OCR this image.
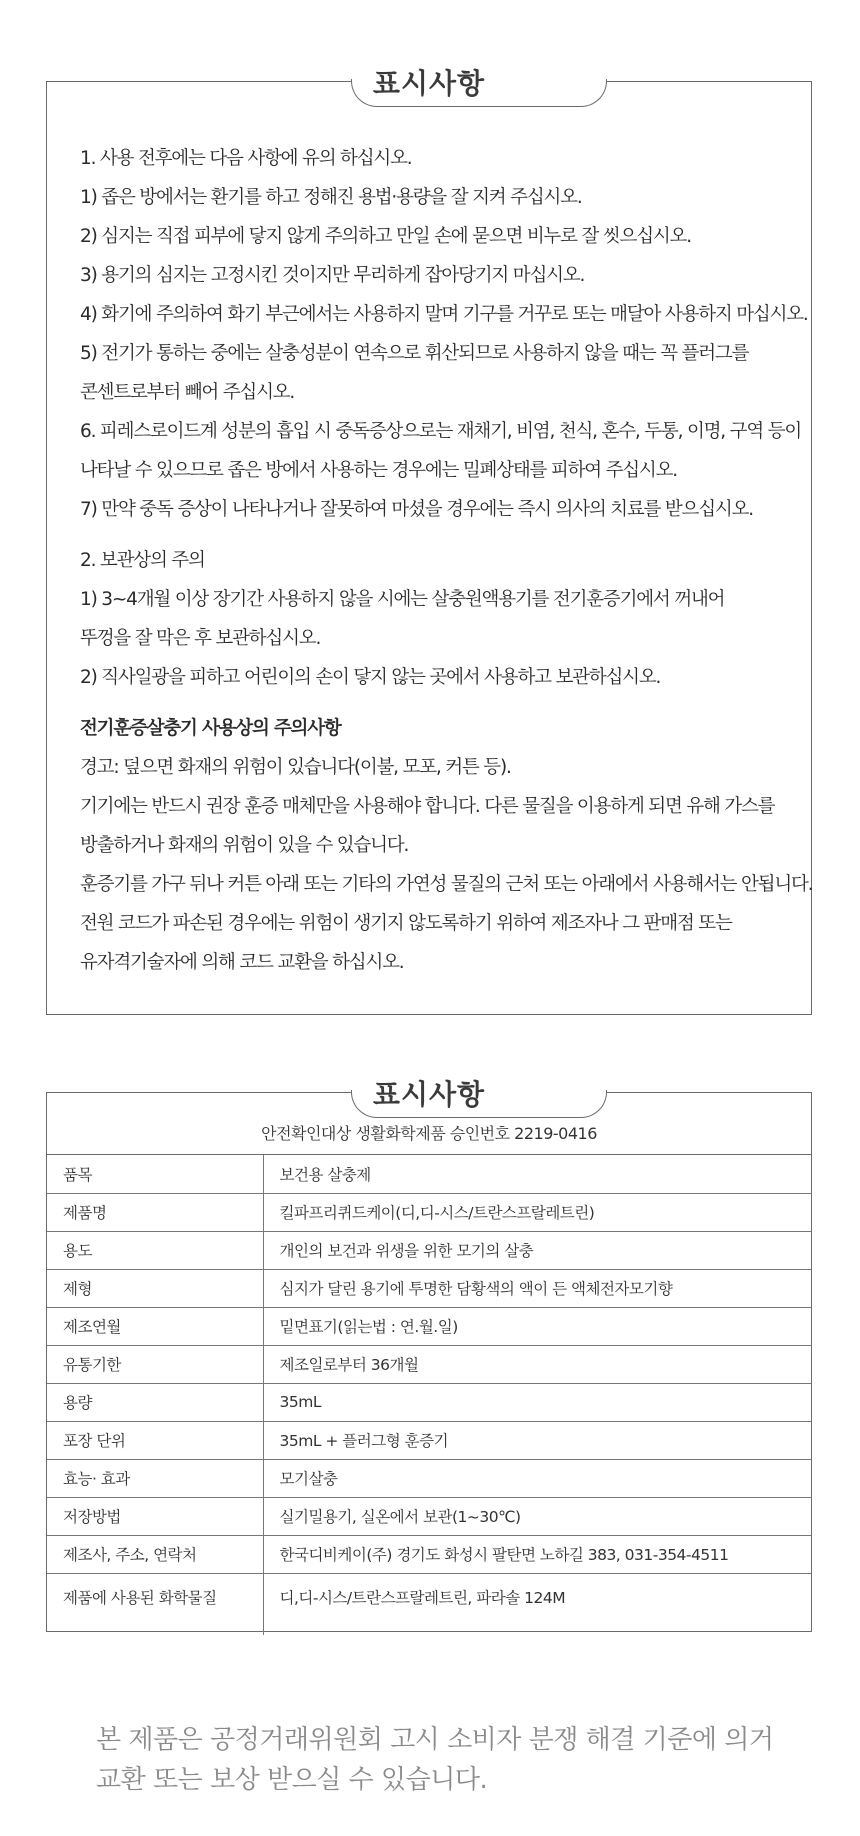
표시사항
1. 사용 전후에는 다음 사항에 유의 하십시오.
1) 좁은 방에서는 환기를 하고 정해진 용법·용량을 잘 지켜 주십시오.
2) 심지는 직접 피부에 닿지 않게 주의하고 만일 손에 묻으면 비누로 잘 씻으십시오.
3) 용기의 심지는 고정시킨 것이지만 무리하게 잡아당기지 마십시오.
4) 화기에 주의하여 화기 부근에서는 사용하지 말며 기구를 거꾸로 또는 매달아 사용하지 마십시오.
5) 전기가 통하는 중에는 살충성분이 연속으로 휘산되므로 사용하지 않을 때는 꼭 플러그를
콘센트로부터 빼어 주십시오.
6. 피레스로이드계 성분의 흡입 시 중독증상으로는 재채기, 비염, 천식, 혼수, 두통, 이명, 구역 등이
나타날 수 있으므로 좁은 방에서 사용하는 경우에는 밀폐상태를 피하여 주십시오.
7) 만약 중독 증상이 나타나거나 잘못하여 마셨을 경우에는 즉시 의사의 치료를 받으십시오.
2. 보관상의 주의
1) 3~4개월 이상 장기간 사용하지 않을 시에는 살충원액용기를 전기훈증기에서 꺼내어
뚜껑을 잘 막은 후 보관하십시오.
2) 직사일광을 피하고 어린이의 손이 닿지 않는 곳에서 사용하고 보관하십시오.
전기훈증살충기 사용상의 주의사항
경고: 덮으면 화재의 위험이 있습니다(이불, 모포, 커튼 등).
기기에는 반드시 권장 훈증 매체만을 사용해야 합니다. 다른 물질을 이용하게 되면 유해 가스를
방출하거나 화재의 위험이 있을 수 있습니다.
훈증기를 가구 뒤나 커튼 아래 또는 기타의 가연성 물질의 근처 또는 아래에서 사용해서는 안됩니다.
전원 코드가 파손된 경우에는 위험이 생기지 않도록하기 위하여 제조자나 그 판매점 또는
유자격기술자에 의해 코드 교환을 하십시오.
표시사항
안전확인대상 생활화학제품 승인번호 2219-0416
품목	보건용 살충제
제품명	킬파프리퀴드케이(디,디-시스/트란스프랄레트린)
용도	개인의 보건과 위생을 위한 모기의 살충
제형	심지가 달린 용기에 투명한 담황색의 액이 든 액체전자모기향
제조연월	밑면표기(읽는법 : 연.월.일)
유통기한	제조일로부터 36개월
용량	35mL
포장 단위	35mL + 플러그형 훈증기
효능· 효과	모기살충
저장방법	실기밀용기, 실온에서 보관(1~30℃)
제조사, 주소, 연락처	한국디비케이(주) 경기도 화성시 팔탄면 노하길 383, 031-354-4511
제품에 사용된 화학물질	디,디-시스/트란스프랄레트린, 파라솔 124M
본 제품은 공정거래위원회 고시 소비자 분쟁 해결 기준에 의거
교환 또는 보상 받으실 수 있습니다.
